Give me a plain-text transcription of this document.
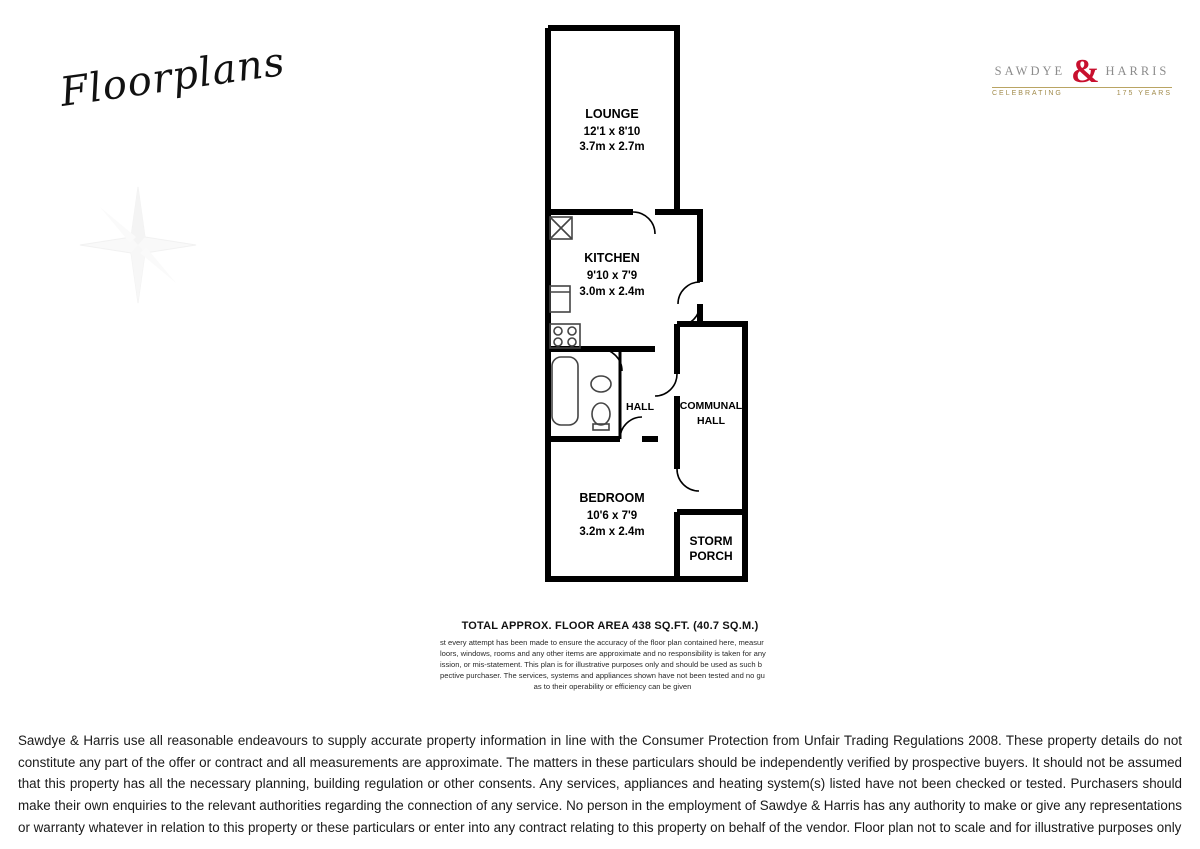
Floorplans	SAWDYE & HARRIS
CELEBRATING	175 YEARS
LOUNGE
12'1 x 8'10
3.7m x 2.7m
KITCHEN
9'10 x 7'9
3.0m x 2.4m
HALL COMMUNAL
HALL
BEDROOM
10'6 x 7'9
3.2m x 2.4m
STORM
PORCH
TOTAL APPROX. FLOOR AREA 438 SQ.FT. (40.7 SQ.M.)
st every attempt has been made to ensure the accuracy of the floor plan contained here, measur
loors, windows, rooms and any other items are approximate and no responsibility is taken for any
ission, or mis-statement. This plan is for illustrative purposes only and should be used as such b
pective purchaser. The services, systems and appliances shown have not been tested and no gu
as to their operability or efficiency can be given
Sawdye & Harris use all reasonable endeavours to supply accurate property information in line with the Consumer Protection from Unfair Trading Regulations 2008. These property details do not constitute any part of the offer or contract and all measurements are approximate. The matters in these particulars should be independently verified by prospective buyers. It should not be assumed that this property has all the necessary planning, building regulation or other consents. Any services, appliances and heating system(s) listed have not been checked or tested. Purchasers should make their own enquiries to the relevant authorities regarding the connection of any service. No person in the employment of Sawdye & Harris has any authority to make or give any representations or warranty whatever in relation to this property or these particulars or enter into any contract relating to this property on behalf of the vendor. Floor plan not to scale and for illustrative purposes only
